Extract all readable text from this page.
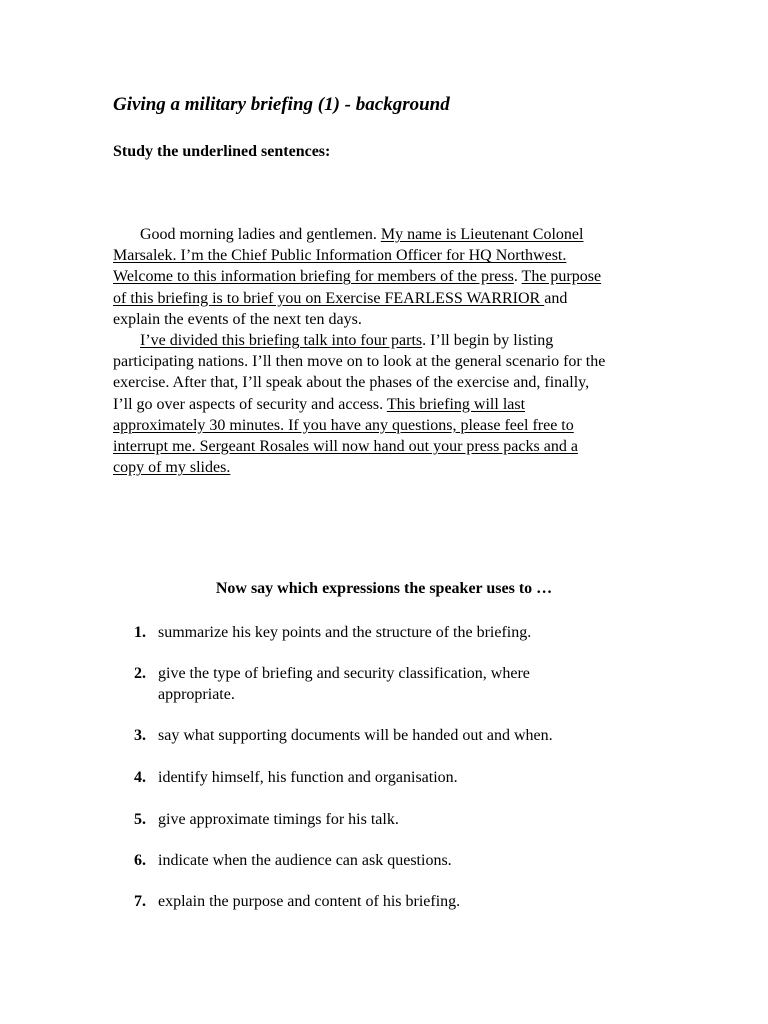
Giving a military briefing (1) - background
Study the underlined sentences:
Good morning ladies and gentlemen. My name is Lieutenant Colonel
Marsalek. I’m the Chief Public Information Officer for HQ Northwest.
Welcome to this information briefing for members of the press. The purpose
of this briefing is to brief you on Exercise FEARLESS WARRIOR and
explain the events of the next ten days.
I’ve divided this briefing talk into four parts. I’ll begin by listing
participating nations. I’ll then move on to look at the general scenario for the
exercise. After that, I’ll speak about the phases of the exercise and, finally,
I’ll go over aspects of security and access. This briefing will last
approximately 30 minutes. If you have any questions, please feel free to
interrupt me. Sergeant Rosales will now hand out your press packs and a
copy of my slides.
Now say which expressions the speaker uses to …
1. summarize his key points and the structure of the briefing.
2. give the type of briefing and security classification, where
appropriate.
3. say what supporting documents will be handed out and when.
4. identify himself, his function and organisation.
5. give approximate timings for his talk.
6. indicate when the audience can ask questions.
7. explain the purpose and content of his briefing.
